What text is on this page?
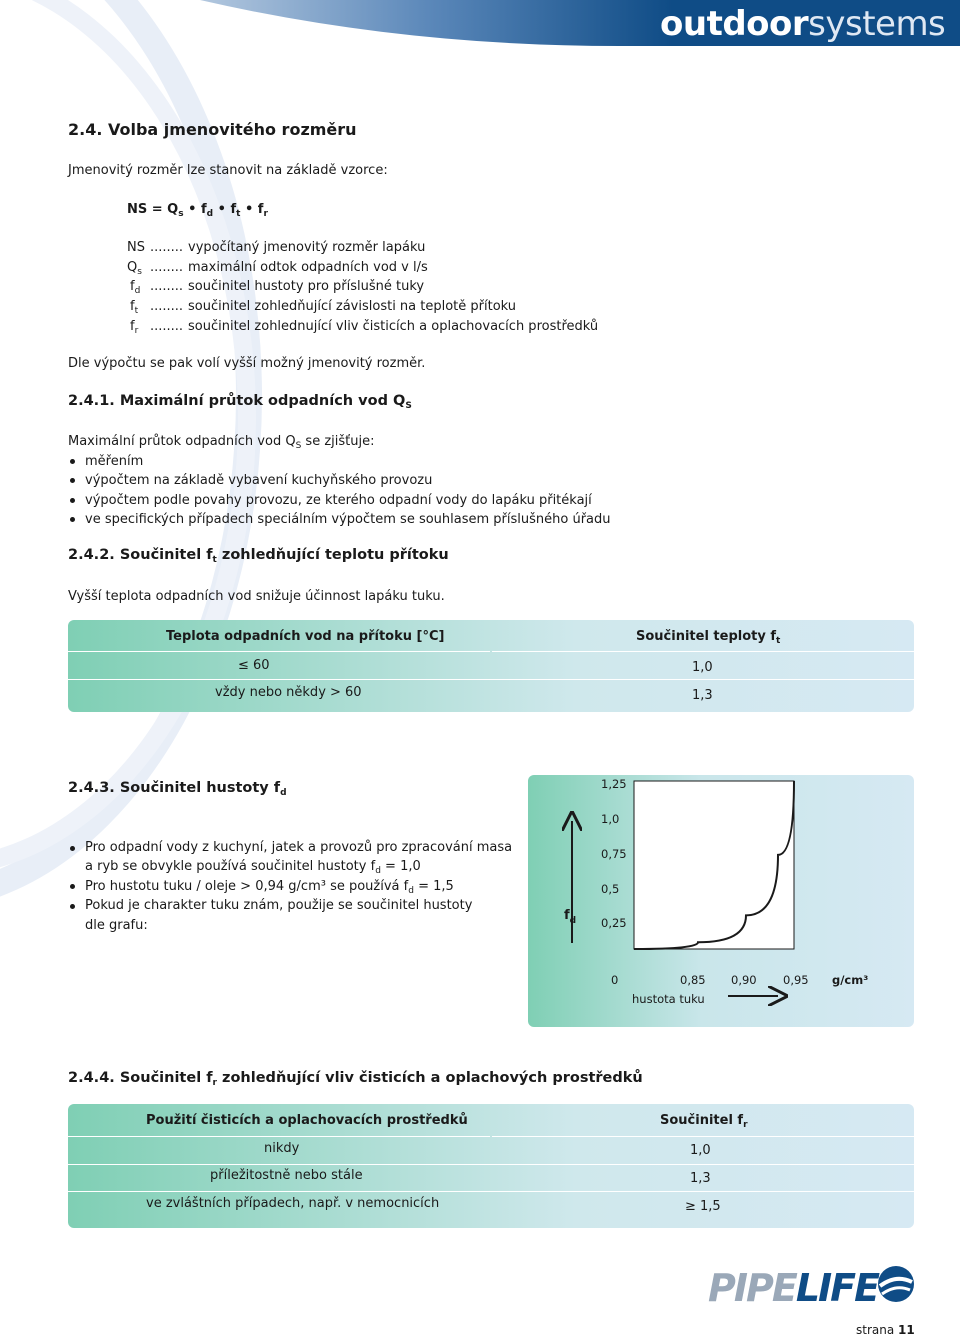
outdoorsystems
2.4. Volba jmenovitého rozměru
Jmenovitý rozměr lze stanovit na základě vzorce:
NS = $Q_s$ • $f_d$ • $f_t$ • $f_r$
NS ........ vypočítaný jmenovitý rozměr lapáku
$Q_s$ ........ maximální odtok odpadních vod v l/s
$f_d$ ........ součinitel hustoty pro příslušné tuky
$f_t$ ........ součinitel zohledňující závislosti na teplotě přítoku
$f_r$ ........ součinitel zohlednující vliv čisticích a oplachovacích prostředků
Dle výpočtu se pak volí vyšší možný jmenovitý rozměr.
2.4.1. Maximální průtok odpadních vod $Q_S$
Maximální průtok odpadních vod $Q_S$ se zjišťuje:
měřením
výpočtem na základě vybavení kuchyňského provozu
výpočtem podle povahy provozu, ze kterého odpadní vody do lapáku přitékají
ve specifických případech speciálním výpočtem se souhlasem příslušného úřadu
2.4.2. Součinitel $f_t$ zohledňující teplotu přítoku
Vyšší teplota odpadních vod snižuje účinnost lapáku tuku.
Teplota odpadních vod na přítoku [°C]	Součinitel teploty $f_t$
≤ 60	1,0
vždy nebo někdy > 60	1,3
2.4.3. Součinitel hustoty $f_d$
Pro odpadní vody z kuchyní, jatek a provozů pro zpracování masa
a ryb se obvykle používá součinitel hustoty $f_d = 1,0$
Pro hustotu tuku / oleje > 0,94 g/cm³ se používá $f_d = 1,5$
Pokud je charakter tuku znám, použije se součinitel hustoty
dle grafu:
1,25
1,0
0,75
0,5
0,25
0	0,85 0,90 0,95
$f_d$
hustota tuku
g/cm³
2.4.4. Součinitel $f_r$ zohledňující vliv čisticích a oplachových prostředků
Použití čisticích a oplachovacích prostředků	Součinitel $f_r$
nikdy	1,0
příležitostně nebo stále	1,3
ve zvláštních případech, např. v nemocnicích	≥ 1,5
PIPELIFE
strana 11
